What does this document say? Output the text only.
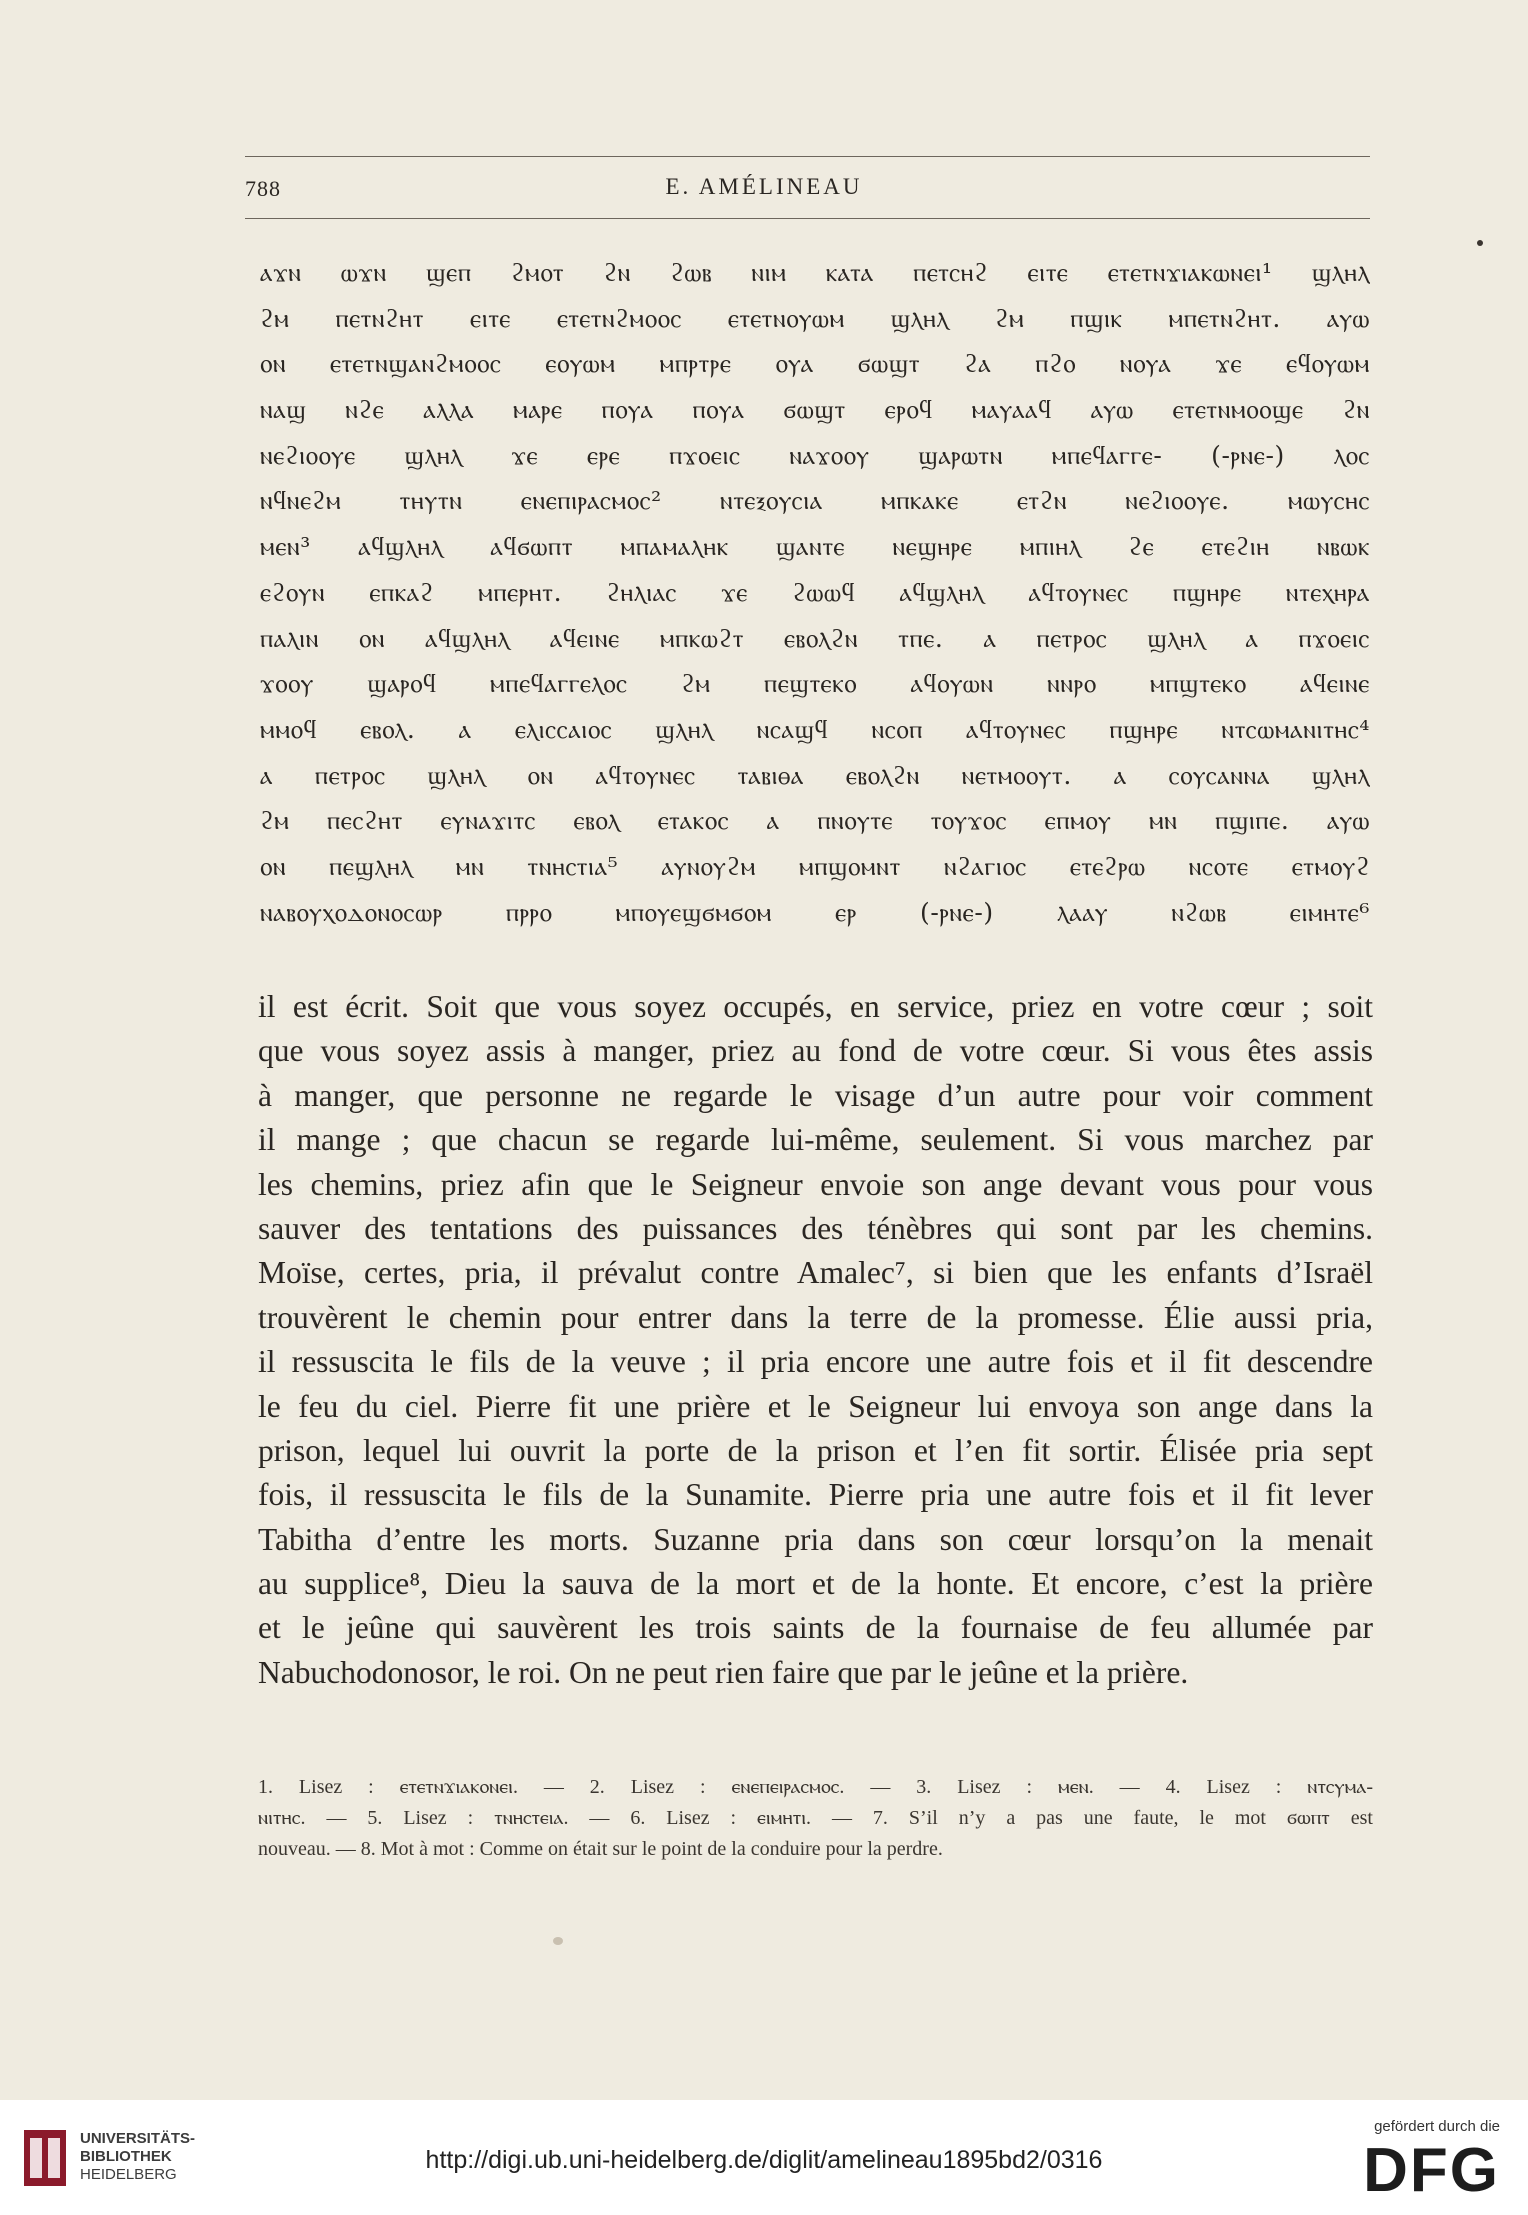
788	E. AMÉLINEAU
ⲁϫⲛ ⲱϫⲛ ϣⲉⲡ ϩⲙⲟⲧ ϩⲛ ϩⲱⲃ ⲛⲓⲙ ⲕⲁⲧⲁ ⲡⲉⲧⲥⲏϩ ⲉⲓⲧⲉ ⲉⲧⲉⲧⲛϫⲓⲁⲕⲱⲛⲉⲓ¹ ϣⲗⲏⲗ
ϩⲙ ⲡⲉⲧⲛϩⲏⲧ ⲉⲓⲧⲉ ⲉⲧⲉⲧⲛϩⲙⲟⲟⲥ ⲉⲧⲉⲧⲛⲟⲩⲱⲙ ϣⲗⲏⲗ ϩⲙ ⲡϣⲓⲕ ⲙⲡⲉⲧⲛϩⲏⲧ. ⲁⲩⲱ
ⲟⲛ ⲉⲧⲉⲧⲛϣⲁⲛϩⲙⲟⲟⲥ ⲉⲟⲩⲱⲙ ⲙⲡⲣⲧⲣⲉ ⲟⲩⲁ ϭⲱϣⲧ ϩⲁ ⲡϩⲟ ⲛⲟⲩⲁ ϫⲉ ⲉϥⲟⲩⲱⲙ
ⲛⲁϣ ⲛϩⲉ ⲁⲗⲗⲁ ⲙⲁⲣⲉ ⲡⲟⲩⲁ ⲡⲟⲩⲁ ϭⲱϣⲧ ⲉⲣⲟϥ ⲙⲁⲩⲁⲁϥ ⲁⲩⲱ ⲉⲧⲉⲧⲛⲙⲟⲟϣⲉ ϩⲛ
ⲛⲉϩⲓⲟⲟⲩⲉ ϣⲗⲏⲗ ϫⲉ ⲉⲣⲉ ⲡϫⲟⲉⲓⲥ ⲛⲁϫⲟⲟⲩ ϣⲁⲣⲱⲧⲛ ⲙⲡⲉϥⲁⲅⲅⲉ- (-ⲣⲛⲉ-) ⲗⲟⲥ
ⲛϥⲛⲉϩⲙ ⲧⲏⲩⲧⲛ ⲉⲛⲉⲡⲓⲣⲁⲥⲙⲟⲥ² ⲛⲧⲉⲝⲟⲩⲥⲓⲁ ⲙⲡⲕⲁⲕⲉ ⲉⲧϩⲛ ⲛⲉϩⲓⲟⲟⲩⲉ. ⲙⲱⲩⲥⲏⲥ
ⲙⲉⲛ³ ⲁϥϣⲗⲏⲗ ⲁϥϭⲱⲡⲧ ⲙⲡⲁⲙⲁⲗⲏⲕ ϣⲁⲛⲧⲉ ⲛⲉϣⲏⲣⲉ ⲙⲡⲓⲏⲗ ϩⲉ ⲉⲧⲉϩⲓⲏ ⲛⲃⲱⲕ
ⲉϩⲟⲩⲛ ⲉⲡⲕⲁϩ ⲙⲡⲉⲣⲏⲧ. ϩⲏⲗⲓⲁⲥ ϫⲉ ϩⲱⲱϥ ⲁϥϣⲗⲏⲗ ⲁϥⲧⲟⲩⲛⲉⲥ ⲡϣⲏⲣⲉ ⲛⲧⲉⲭⲏⲣⲁ
ⲡⲁⲗⲓⲛ ⲟⲛ ⲁϥϣⲗⲏⲗ ⲁϥⲉⲓⲛⲉ ⲙⲡⲕⲱϩⲧ ⲉⲃⲟⲗϩⲛ ⲧⲡⲉ. ⲁ ⲡⲉⲧⲣⲟⲥ ϣⲗⲏⲗ ⲁ ⲡϫⲟⲉⲓⲥ
ϫⲟⲟⲩ ϣⲁⲣⲟϥ ⲙⲡⲉϥⲁⲅⲅⲉⲗⲟⲥ ϩⲙ ⲡⲉϣⲧⲉⲕⲟ ⲁϥⲟⲩⲱⲛ ⲛⲛⲣⲟ ⲙⲡϣⲧⲉⲕⲟ ⲁϥⲉⲓⲛⲉ
ⲙⲙⲟϥ ⲉⲃⲟⲗ. ⲁ ⲉⲗⲓⲥⲥⲁⲓⲟⲥ ϣⲗⲏⲗ ⲛⲥⲁϣϥ ⲛⲥⲟⲡ ⲁϥⲧⲟⲩⲛⲉⲥ ⲡϣⲏⲣⲉ ⲛⲧⲥⲱⲙⲁⲛⲓⲧⲏⲥ⁴
ⲁ ⲡⲉⲧⲣⲟⲥ ϣⲗⲏⲗ ⲟⲛ ⲁϥⲧⲟⲩⲛⲉⲥ ⲧⲁⲃⲓⲑⲁ ⲉⲃⲟⲗϩⲛ ⲛⲉⲧⲙⲟⲟⲩⲧ. ⲁ ⲥⲟⲩⲥⲁⲛⲛⲁ ϣⲗⲏⲗ
ϩⲙ ⲡⲉⲥϩⲏⲧ ⲉⲩⲛⲁϫⲓⲧⲥ ⲉⲃⲟⲗ ⲉⲧⲁⲕⲟⲥ ⲁ ⲡⲛⲟⲩⲧⲉ ⲧⲟⲩϫⲟⲥ ⲉⲡⲙⲟⲩ ⲙⲛ ⲡϣⲓⲡⲉ. ⲁⲩⲱ
ⲟⲛ ⲡⲉϣⲗⲏⲗ ⲙⲛ ⲧⲛⲏⲥⲧⲓⲁ⁵ ⲁⲩⲛⲟⲩϩⲙ ⲙⲡϣⲟⲙⲛⲧ ⲛϩⲁⲅⲓⲟⲥ ⲉⲧⲉϩⲣⲱ ⲛⲥⲟⲧⲉ ⲉⲧⲙⲟⲩϩ
ⲛⲁⲃⲟⲩⲭⲟⲇⲟⲛⲟⲥⲱⲣ ⲡⲣⲣⲟ ⲙⲡⲟⲩⲉϣϭⲙϭⲟⲙ ⲉⲣ (-ⲣⲛⲉ-) ⲗⲁⲁⲩ ⲛϩⲱⲃ ⲉⲓⲙⲏⲧⲉ⁶
il est écrit. Soit que vous soyez occupés, en service, priez en votre cœur ; soit
que vous soyez assis à manger, priez au fond de votre cœur. Si vous êtes assis
à manger, que personne ne regarde le visage d’un autre pour voir comment
il mange ; que chacun se regarde lui-même, seulement. Si vous marchez par
les chemins, priez afin que le Seigneur envoie son ange devant vous pour vous
sauver des tentations des puissances des ténèbres qui sont par les chemins.
Moïse, certes, pria, il prévalut contre Amalec⁷, si bien que les enfants d’Israël
trouvèrent le chemin pour entrer dans la terre de la promesse. Élie aussi pria,
il ressuscita le fils de la veuve ; il pria encore une autre fois et il fit descendre
le feu du ciel. Pierre fit une prière et le Seigneur lui envoya son ange dans la
prison, lequel lui ouvrit la porte de la prison et l’en fit sortir. Élisée pria sept
fois, il ressuscita le fils de la Sunamite. Pierre pria une autre fois et il fit lever
Tabitha d’entre les morts. Suzanne pria dans son cœur lorsqu’on la menait
au supplice⁸, Dieu la sauva de la mort et de la honte. Et encore, c’est la prière
et le jeûne qui sauvèrent les trois saints de la fournaise de feu allumée par
Nabuchodonosor, le roi. On ne peut rien faire que par le jeûne et la prière.
1. Lisez : ⲉⲧⲉⲧⲛϫⲓⲁⲕⲟⲛⲉⲓ. — 2. Lisez : ⲉⲛⲉⲡⲉⲓⲣⲁⲥⲙⲟⲥ. — 3. Lisez : ⲙⲉⲛ. — 4. Lisez : ⲛⲧⲥⲩⲙⲁ-
ⲛⲓⲧⲏⲥ. — 5. Lisez : ⲧⲛⲏⲥⲧⲉⲓⲁ. — 6. Lisez : ⲉⲓⲙⲏⲧⲓ. — 7. S’il n’y a pas une faute, le mot ϭⲱⲡⲧ est
nouveau. — 8. Mot à mot : Comme on était sur le point de la conduire pour la perdre.
UNIVERSITÄTS-
BIBLIOTHEK
HEIDELBERG
http://digi.ub.uni-heidelberg.de/diglit/amelineau1895bd2/0316
gefördert durch die
DFG
